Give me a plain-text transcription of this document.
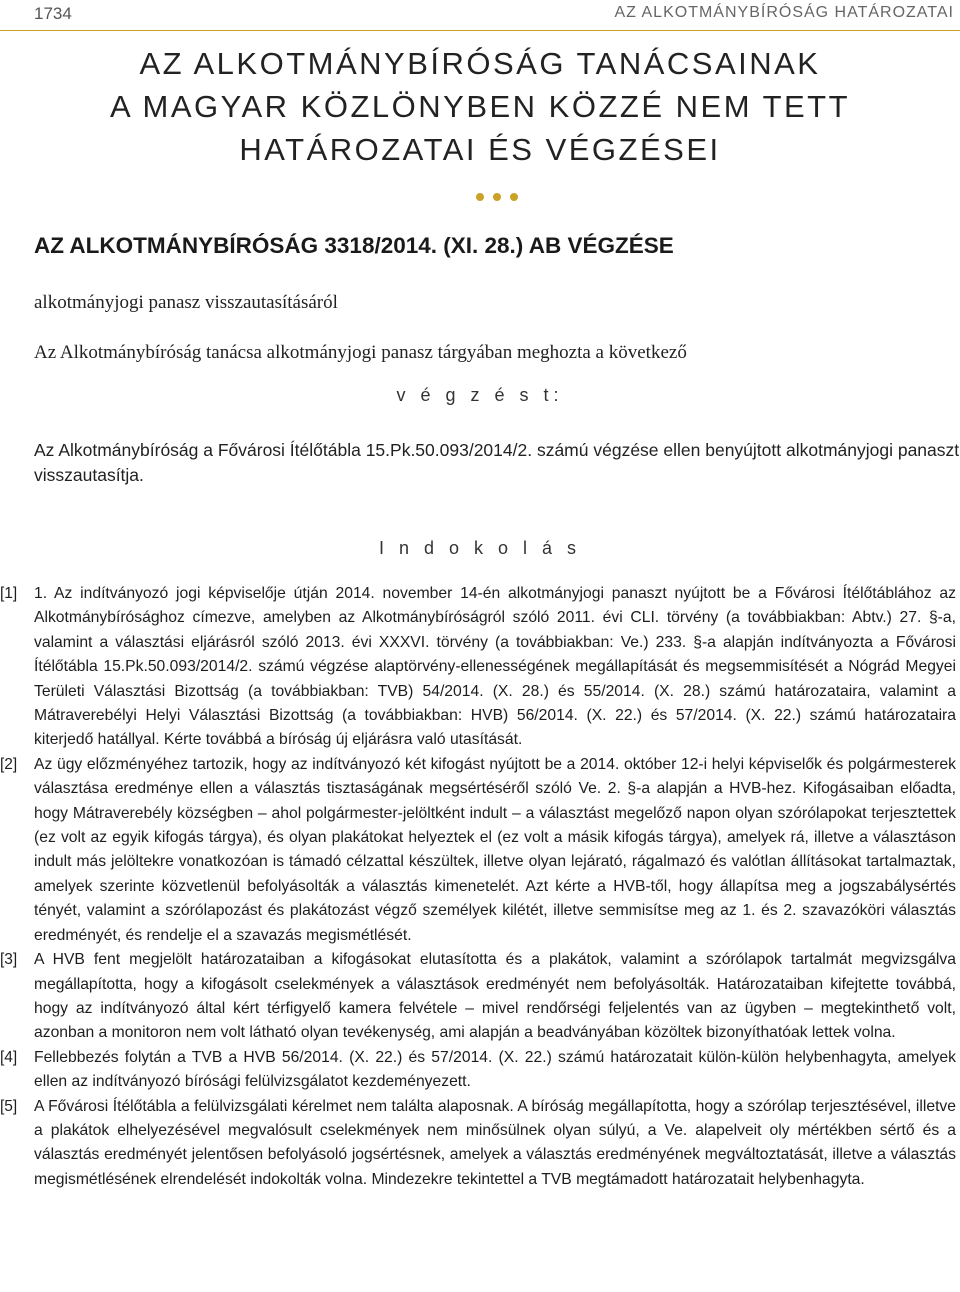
1734	AZ ALKOTMÁNYBÍRÓSÁG HATÁROZATAI
AZ ALKOTMÁNYBÍRÓSÁG TANÁCSAINAK
A MAGYAR KÖZLÖNYBEN KÖZZÉ NEM TETT
HATÁROZATAI ÉS VÉGZÉSEI
AZ ALKOTMÁNYBÍRÓSÁG 3318/2014. (XI. 28.) AB VÉGZÉSE
alkotmányjogi panasz visszautasításáról
Az Alkotmánybíróság tanácsa alkotmányjogi panasz tárgyában meghozta a következő
v é g z é s t:
Az Alkotmánybíróság a Fővárosi Ítélőtábla 15.Pk.50.093/2014/2. számú végzése ellen benyújtott alkotmányjogi panaszt visszautasítja.
I n d o k o l á s
[1]	1. Az indítványozó jogi képviselője útján 2014. november 14-én alkotmányjogi panaszt nyújtott be a Fővárosi Ítélőtáblához az Alkotmánybírósághoz címezve, amelyben az Alkotmánybíróságról szóló 2011. évi CLI. törvény (a továbbiakban: Abtv.) 27. §-a, valamint a választási eljárásról szóló 2013. évi XXXVI. törvény (a továbbiakban: Ve.) 233. §-a alapján indítványozta a Fővárosi Ítélőtábla 15.Pk.50.093/2014/2. számú végzése alaptörvény-ellenességének megállapítását és megsemmisítését a Nógrád Megyei Területi Választási Bizottság (a továbbiakban: TVB) 54/2014. (X. 28.) és 55/2014. (X. 28.) számú határozataira, valamint a Mátraverebélyi Helyi Választási Bizottság (a továbbiakban: HVB) 56/2014. (X. 22.) és 57/2014. (X. 22.) számú határozataira kiterjedő hatállyal. Kérte továbbá a bíróság új eljárásra való utasítását.
[2]	Az ügy előzményéhez tartozik, hogy az indítványozó két kifogást nyújtott be a 2014. október 12-i helyi képviselők és polgármesterek választása eredménye ellen a választás tisztaságának megsértéséről szóló Ve. 2. §-a alapján a HVB-hez. Kifogásaiban előadta, hogy Mátraverebély községben – ahol polgármester-jelöltként indult – a választást megelőző napon olyan szórólapokat terjesztettek (ez volt az egyik kifogás tárgya), és olyan plakátokat helyeztek el (ez volt a másik kifogás tárgya), amelyek rá, illetve a választáson indult más jelöltekre vonatkozóan is támadó célzattal készültek, illetve olyan lejárató, rágalmazó és valótlan állításokat tartalmaztak, amelyek szerinte közvetlenül befolyásolták a választás kimenetelét. Azt kérte a HVB-től, hogy állapítsa meg a jogszabálysértés tényét, valamint a szórólapozást és plakátozást végző személyek kilétét, illetve semmisítse meg az 1. és 2. szavazóköri választás eredményét, és rendelje el a szavazás megismétlését.
[3]	A HVB fent megjelölt határozataiban a kifogásokat elutasította és a plakátok, valamint a szórólapok tartalmát megvizsgálva megállapította, hogy a kifogásolt cselekmények a választások eredményét nem befolyásolták. Határozataiban kifejtette továbbá, hogy az indítványozó által kért térfigyelő kamera felvétele – mivel rendőrségi feljelentés van az ügyben – megtekinthető volt, azonban a monitoron nem volt látható olyan tevékenység, ami alapján a beadványában közöltek bizonyíthatóak lettek volna.
[4]	Fellebbezés folytán a TVB a HVB 56/2014. (X. 22.) és 57/2014. (X. 22.) számú határozatait külön-külön helybenhagyta, amelyek ellen az indítványozó bírósági felülvizsgálatot kezdeményezett.
[5]	A Fővárosi Ítélőtábla a felülvizsgálati kérelmet nem találta alaposnak. A bíróság megállapította, hogy a szórólap terjesztésével, illetve a plakátok elhelyezésével megvalósult cselekmények nem minősülnek olyan súlyú, a Ve. alapelveit oly mértékben sértő és a választás eredményét jelentősen befolyásoló jogsértésnek, amelyek a választás eredményének megváltoztatását, illetve a választás megismétlésének elrendelését indokolták volna. Mindezekre tekintettel a TVB megtámadott határozatait helybenhagyta.
